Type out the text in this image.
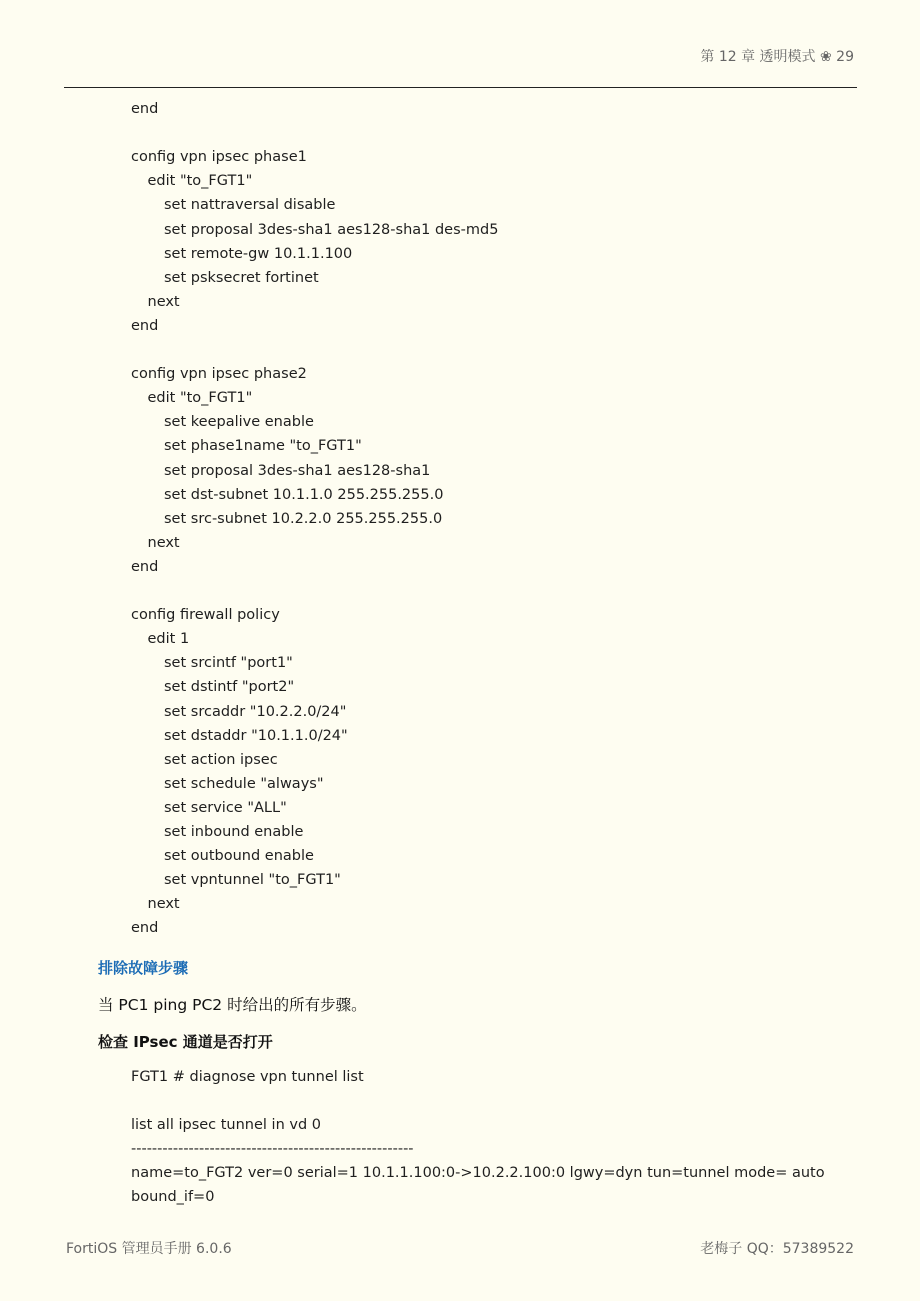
第 12 章 透明模式 ❀ 29
end
config vpn ipsec phase1
edit "to_FGT1"
set nattraversal disable
set proposal 3des-sha1 aes128-sha1 des-md5
set remote-gw 10.1.1.100
set psksecret fortinet
next
end
config vpn ipsec phase2
edit "to_FGT1"
set keepalive enable
set phase1name "to_FGT1"
set proposal 3des-sha1 aes128-sha1
set dst-subnet 10.1.1.0 255.255.255.0
set src-subnet 10.2.2.0 255.255.255.0
next
end
config firewall policy
edit 1
set srcintf "port1"
set dstintf "port2"
set srcaddr "10.2.2.0/24"
set dstaddr "10.1.1.0/24"
set action ipsec
set schedule "always"
set service "ALL"
set inbound enable
set outbound enable
set vpntunnel "to_FGT1"
next
end
排除故障步骤
当 PC1 ping PC2 时给出的所有步骤。
检查 IPsec 通道是否打开
FGT1 # diagnose vpn tunnel list
list all ipsec tunnel in vd 0
------------------------------------------------------
name=to_FGT2 ver=0 serial=1 10.1.1.100:0->10.2.2.100:0 lgwy=dyn tun=tunnel mode= auto
bound_if=0
FortiOS 管理员手册 6.0.6	老梅子 QQ：57389522
